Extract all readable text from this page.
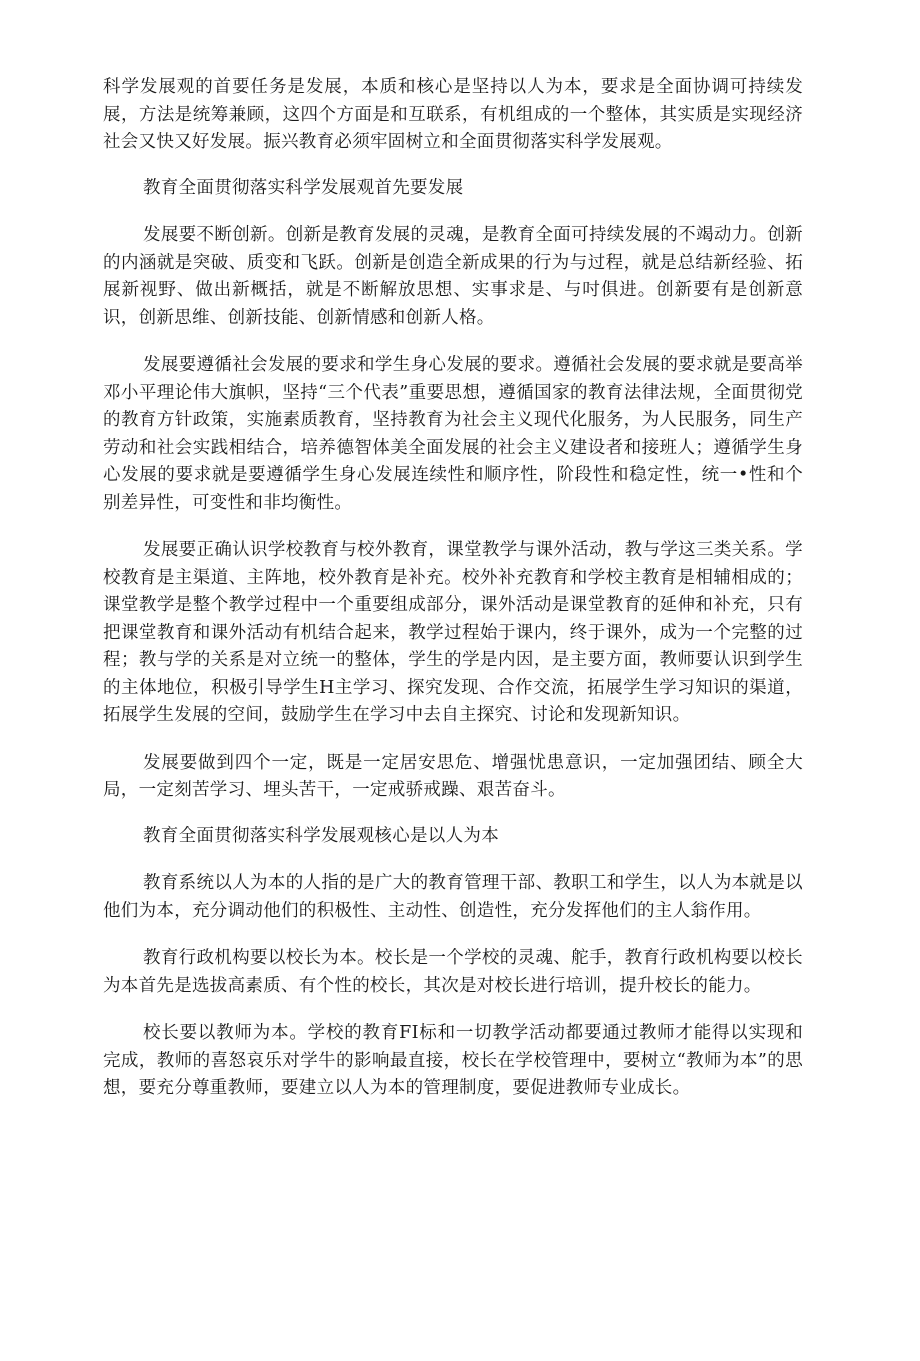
科学发展观的首要任务是发展，本质和核心是坚持以人为本，要求是全面协调可持续发展，方法是统筹兼顾，这四个方面是和互联系，有机组成的一个整体，其实质是实现经济社会又快又好发展。振兴教育必须牢固树立和全面贯彻落实科学发展观。

教育全面贯彻落实科学发展观首先要发展

发展要不断创新。创新是教育发展的灵魂，是教育全面可持续发展的不竭动力。创新的内涵就是突破、质变和飞跃。创新是创造全新成果的行为与过程，就是总结新经验、拓展新视野、做出新概括，就是不断解放思想、实事求是、与吋俱进。创新要有是创新意识，创新思维、创新技能、创新情感和创新人格。

发展要遵循社会发展的要求和学生身心发展的要求。遵循社会发展的要求就是要高举邓小平理论伟大旗帜，坚持“三个代表”重要思想，遵循国家的教育法律法规，全面贯彻党的教育方针政策，实施素质教育，坚持教育为社会主义现代化服务，为人民服务，同生产劳动和社会实践相结合，培养德智体美全面发展的社会主义建设者和接班人；遵循学生身心发展的要求就是要遵循学生身心发展连续性和顺序性，阶段性和稳定性，统一•性和个别差异性，可变性和非均衡性。

发展要正确认识学校教育与校外教育，课堂教学与课外活动，教与学这三类关系。学校教育是主渠道、主阵地，校外教育是补充。校外补充教育和学校主教育是相辅相成的；课堂教学是整个教学过程中一个重要组成部分，课外活动是课堂教育的延伸和补充，只有把课堂教育和课外活动有机结合起来，教学过程始于课内，终于课外，成为一个完整的过程；教与学的关系是对立统一的整体，学生的学是内因，是主要方面，教师要认识到学生的主体地位，积极引导学生H主学习、探究发现、合作交流，拓展学生学习知识的渠道，拓展学生发展的空间，鼓励学生在学习中去自主探究、讨论和发现新知识。

发展要做到四个一定，既是一定居安思危、增强忧患意识，一定加强团结、顾全大局，一定刻苦学习、埋头苦干，一定戒骄戒躁、艰苦奋斗。

教育全面贯彻落实科学发展观核心是以人为本

教育系统以人为本的人指的是广大的教育管理干部、教职工和学生，以人为本就是以他们为本，充分调动他们的积极性、主动性、创造性，充分发挥他们的主人翁作用。

教育行政机构要以校长为本。校长是一个学校的灵魂、舵手，教育行政机构要以校长为本首先是选拔高素质、有个性的校长，其次是对校长进行培训，提升校长的能力。

校长要以教师为本。学校的教育FI标和一切教学活动都要通过教师才能得以实现和完成，教师的喜怒哀乐对学牛的影响最直接，校长在学校管理中，要树立“教师为本”的思想，要充分尊重教师，要建立以人为本的管理制度，要促进教师专业成长。
